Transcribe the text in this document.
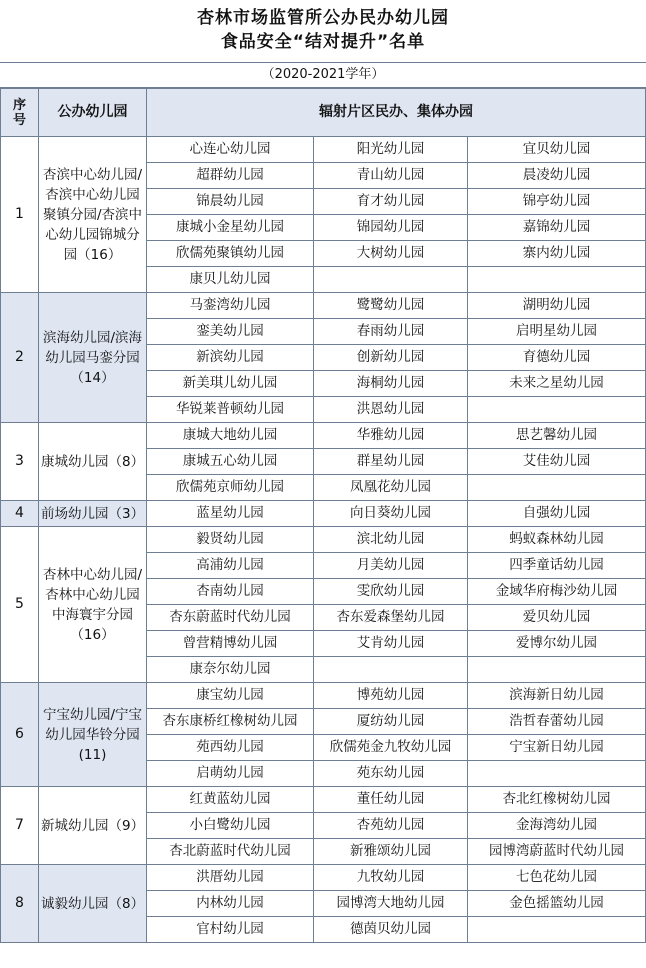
杏林市场监管所公办民办幼儿园
食品安全“结对提升”名单
（2020-2021学年）
序号	公办幼儿园	辐射片区民办、集体办园		
1	杏滨中心幼儿园/杏滨中心幼儿园聚镇分园/杏滨中心幼儿园锦城分园（16）	心连心幼儿园	阳光幼儿园	宜贝幼儿园
		超群幼儿园	青山幼儿园	晨凌幼儿园
		锦晨幼儿园	育才幼儿园	锦亭幼儿园
		康城小金星幼儿园	锦园幼儿园	嘉锦幼儿园
		欣儒苑聚镇幼儿园	大树幼儿园	寨内幼儿园
		康贝儿幼儿园		
2	滨海幼儿园/滨海幼儿园马銮分园（14）	马銮湾幼儿园	鹭鹭幼儿园	湖明幼儿园
		銮美幼儿园	春雨幼儿园	启明星幼儿园
		新滨幼儿园	创新幼儿园	育德幼儿园
		新美琪儿幼儿园	海桐幼儿园	未来之星幼儿园
		华锐莱普顿幼儿园	洪恩幼儿园	
3	康城幼儿园（8）	康城大地幼儿园	华雅幼儿园	思艺馨幼儿园
		康城五心幼儿园	群星幼儿园	艾佳幼儿园
		欣儒苑京师幼儿园	凤凰花幼儿园	
4	前场幼儿园（3）	蓝星幼儿园	向日葵幼儿园	自强幼儿园
5	杏林中心幼儿园/杏林中心幼儿园中海寰宇分园（16）	毅贤幼儿园	滨北幼儿园	蚂蚁森林幼儿园
		高浦幼儿园	月美幼儿园	四季童话幼儿园
		杏南幼儿园	雯欣幼儿园	金域华府梅沙幼儿园
		杏东蔚蓝时代幼儿园	杏东爱森堡幼儿园	爱贝幼儿园
		曾营精博幼儿园	艾肯幼儿园	爱博尔幼儿园
		康奈尔幼儿园		
6	宁宝幼儿园/宁宝幼儿园华铃分园(11)	康宝幼儿园	博苑幼儿园	滨海新日幼儿园
		杏东康桥红橡树幼儿园	厦纺幼儿园	浩哲春蕾幼儿园
		苑西幼儿园	欣儒苑金九牧幼儿园	宁宝新日幼儿园
		启萌幼儿园	苑东幼儿园	
7	新城幼儿园（9）	红黄蓝幼儿园	董任幼儿园	杏北红橡树幼儿园
		小白鹭幼儿园	杏苑幼儿园	金海湾幼儿园
		杏北蔚蓝时代幼儿园	新雅颂幼儿园	园博湾蔚蓝时代幼儿园
8	诚毅幼儿园（8）	洪厝幼儿园	九牧幼儿园	七色花幼儿园
		内林幼儿园	园博湾大地幼儿园	金色摇篮幼儿园
		官村幼儿园	德茵贝幼儿园	
